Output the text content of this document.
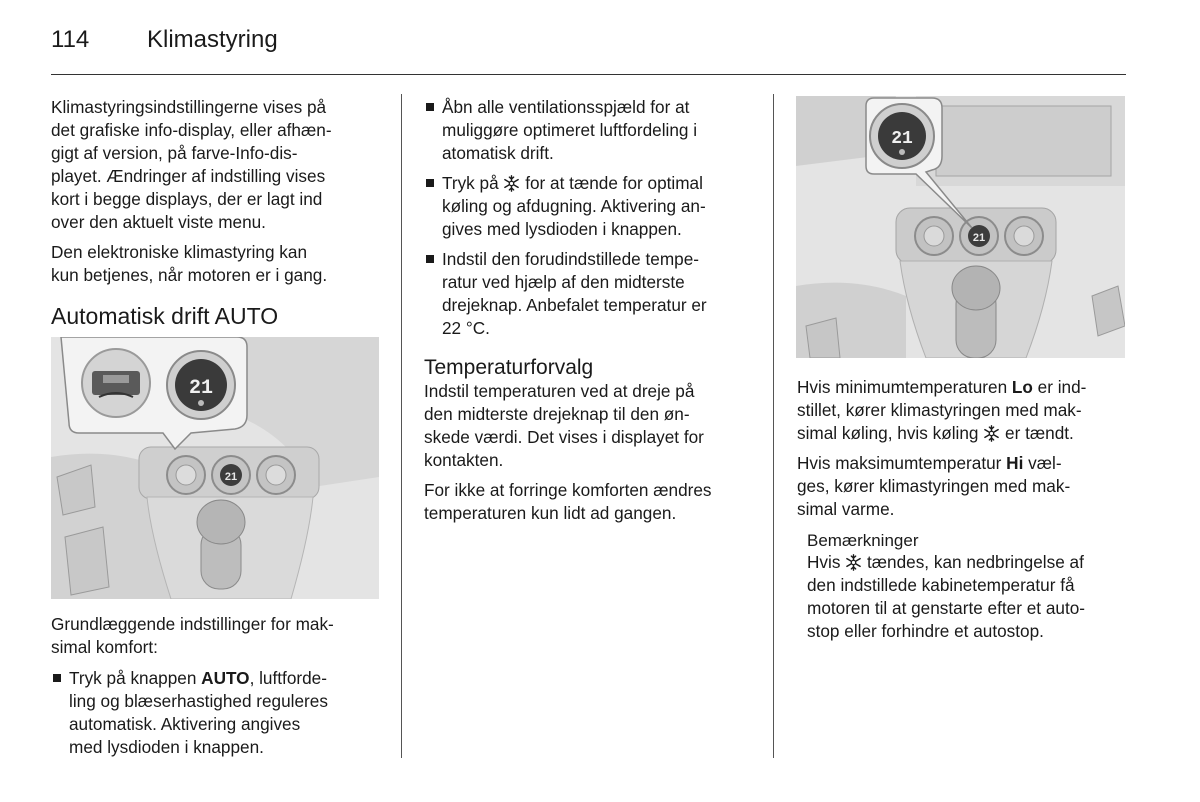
114 Klimastyring

Klimastyringsindstillingerne vises på
det grafiske info-display, eller afhæn-
gigt af version, på farve-Info-dis-
playet. Ændringer af indstilling vises
kort i begge displays, der er lagt ind
over den aktuelt viste menu.

Den elektroniske klimastyring kan
kun betjenes, når motoren er i gang.

Automatisk drift AUTO
21
21

Grundlæggende indstillinger for mak-
simal komfort:

Tryk på knappen AUTO, luftforde-
ling og blæserhastighed reguleres
automatisk. Aktivering angives
med lysdioden i knappen.
Åbn alle ventilationsspjæld for at
muliggøre optimeret luftfordeling i
atomatisk drift.
Tryk på  for at tænde for optimal
køling og afdugning. Aktivering an-
gives med lysdioden i knappen.
Indstil den forudindstillede tempe-
ratur ved hjælp af den midterste
drejeknap. Anbefalet temperatur er
22 °C.
Temperaturforvalg

Indstil temperaturen ved at dreje på
den midterste drejeknap til den øn-
skede værdi. Det vises i displayet for
kontakten.

For ikke at forringe komforten ændres
temperaturen kun lidt ad gangen.

21
21

Hvis minimumtemperaturen Lo er ind-
stillet, kører klimastyringen med mak-
simal køling, hvis køling  er tændt.

Hvis maksimumtemperatur Hi væl-
ges, kører klimastyringen med mak-
simal varme.

Bemærkninger
Hvis  tændes, kan nedbringelse af
den indstillede kabinetemperatur få
motoren til at genstarte efter et auto-
stop eller forhindre et autostop.
